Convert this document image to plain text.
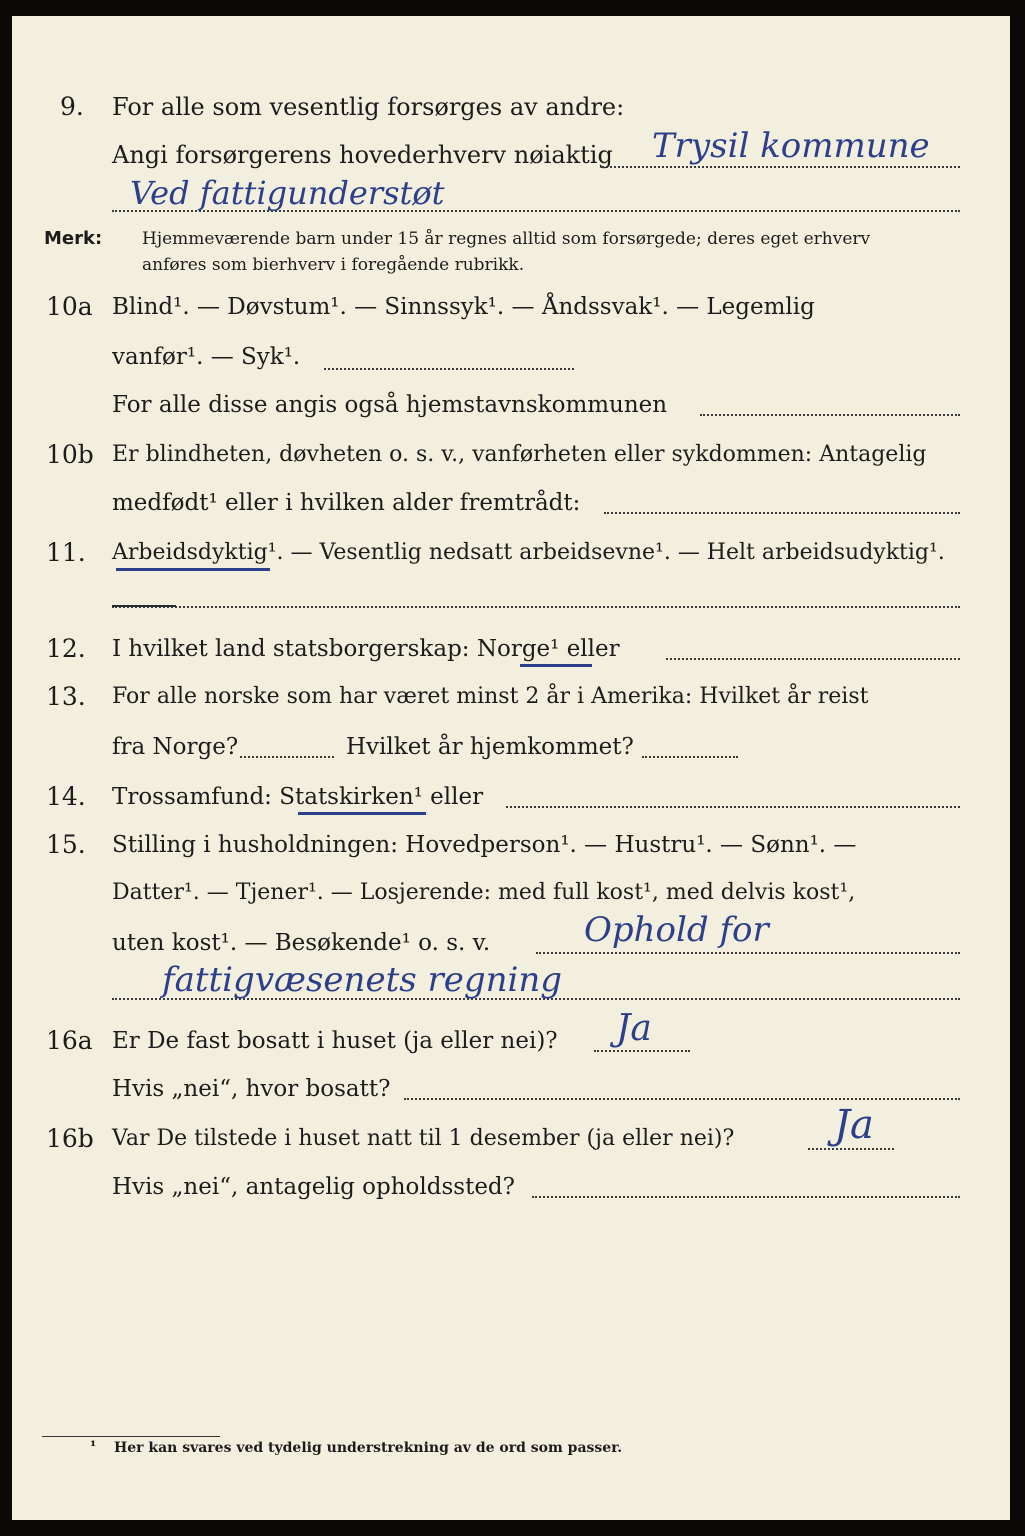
9. For alle som vesentlig forsørges av andre:
Angi forsørgerens hovederhverv nøiaktig Trysil kommune
Ved fattigunderstøt
Merk: Hjemmeværende barn under 15 år regnes alltid som forsørgede; deres eget erhverv
anføres som bierhverv i foregående rubrikk.
10a Blind¹. — Døvstum¹. — Sinnssyk¹. — Åndssvak¹. — Legemlig
vanfør¹. — Syk¹.
For alle disse angis også hjemstavnskommunen
10b Er blindheten, døvheten o. s. v., vanførheten eller sykdommen: Antagelig
medfødt¹ eller i hvilken alder fremtrådt:
11. Arbeidsdyktig¹. — Vesentlig nedsatt arbeidsevne¹. — Helt arbeidsudyktig¹.
12. I hvilket land statsborgerskap: Norge¹ eller
13. For alle norske som har været minst 2 år i Amerika: Hvilket år reist
fra Norge?	Hvilket år hjemkommet?
14. Trossamfund: Statskirken¹ eller
15. Stilling i husholdningen: Hovedperson¹. — Hustru¹. — Sønn¹. —
Datter¹. — Tjener¹. — Losjerende: med full kost¹, med delvis kost¹,
uten kost¹. — Besøkende¹ o. s. v.	Ophold for
fattigvæsenets regning
16a Er De fast bosatt i huset (ja eller nei)? Ja
Hvis „nei“, hvor bosatt?
16b Var De tilstede i huset natt til 1 desember (ja eller nei)? Ja
Hvis „nei“, antagelig opholdssted?
¹ Her kan svares ved tydelig understrekning av de ord som passer.
